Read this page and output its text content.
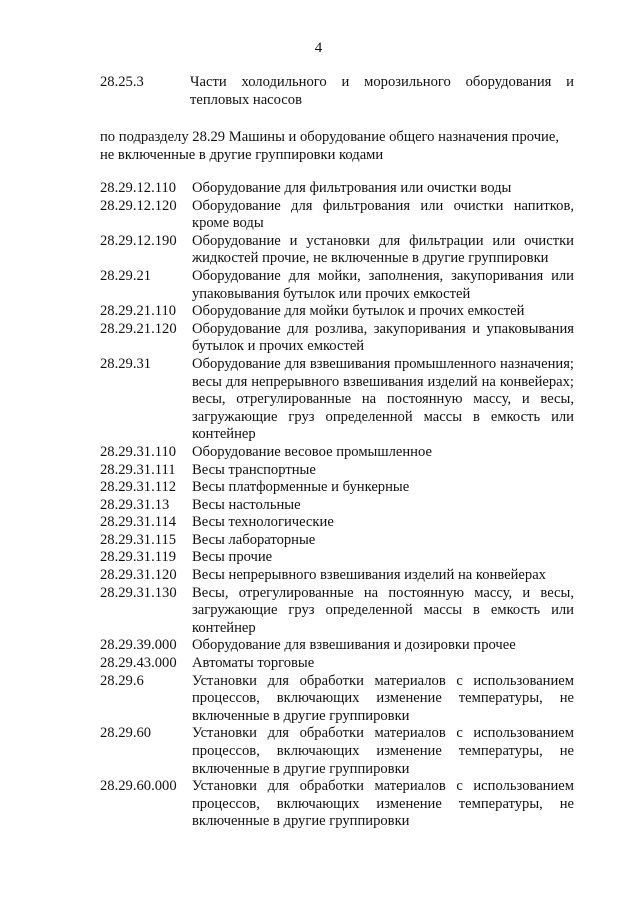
4
28.25.3	Части холодильного и морозильного оборудования и тепловых насосов
по подразделу 28.29 Машины и оборудование общего назначения прочие, не включенные в другие группировки кодами
28.29.12.110	Оборудование для фильтрования или очистки воды
28.29.12.120	Оборудование для фильтрования или очистки напитков, кроме воды
28.29.12.190	Оборудование и установки для фильтрации или очистки жидкостей прочие, не включенные в другие группировки
28.29.21	Оборудование для мойки, заполнения, закупоривания или упаковывания бутылок или прочих емкостей
28.29.21.110	Оборудование для мойки бутылок и прочих емкостей
28.29.21.120	Оборудование для розлива, закупоривания и упаковывания бутылок и прочих емкостей
28.29.31	Оборудование для взвешивания промышленного назначения; весы для непрерывного взвешивания изделий на конвейерах; весы, отрегулированные на постоянную массу, и весы, загружающие груз определенной массы в емкость или контейнер
28.29.31.110	Оборудование весовое промышленное
28.29.31.111	Весы транспортные
28.29.31.112	Весы платформенные и бункерные
28.29.31.13	Весы настольные
28.29.31.114	Весы технологические
28.29.31.115	Весы лабораторные
28.29.31.119	Весы прочие
28.29.31.120	Весы непрерывного взвешивания изделий на конвейерах
28.29.31.130	Весы, отрегулированные на постоянную массу, и весы, загружающие груз определенной массы в емкость или контейнер
28.29.39.000	Оборудование для взвешивания и дозировки прочее
28.29.43.000	Автоматы торговые
28.29.6	Установки для обработки материалов с использованием процессов, включающих изменение температуры, не включенные в другие группировки
28.29.60	Установки для обработки материалов с использованием процессов, включающих изменение температуры, не включенные в другие группировки
28.29.60.000	Установки для обработки материалов с использованием процессов, включающих изменение температуры, не включенные в другие группировки
